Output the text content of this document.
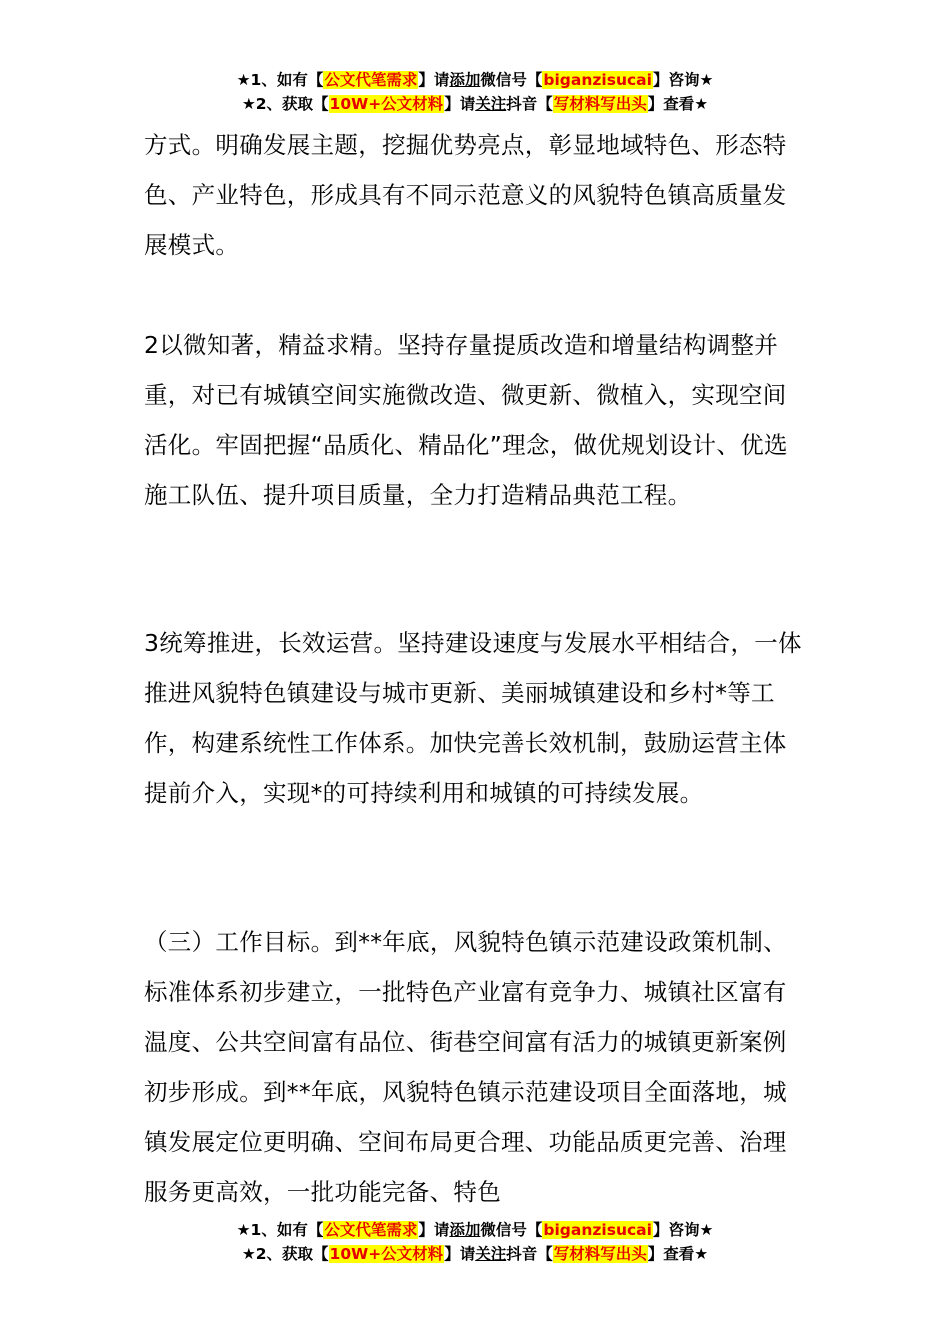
★1、如有【公文代笔需求】请添加微信号【biganzisucai】咨询★
★2、获取【10W+公文材料】请关注抖音【写材料写出头】查看★

方式。明确发展主题，挖掘优势亮点，彰显地域特色、形态特色、产业特色，形成具有不同示范意义的风貌特色镇高质量发展模式。

2以微知著，精益求精。坚持存量提质改造和增量结构调整并重，对已有城镇空间实施微改造、微更新、微植入，实现空间活化。牢固把握“品质化、精品化”理念，做优规划设计、优选施工队伍、提升项目质量，全力打造精品典范工程。

3统筹推进，长效运营。坚持建设速度与发展水平相结合，一体推进风貌特色镇建设与城市更新、美丽城镇建设和乡村*等工作，构建系统性工作体系。加快完善长效机制，鼓励运营主体提前介入，实现*的可持续利用和城镇的可持续发展。

（三）工作目标。到**年底，风貌特色镇示范建设政策机制、标准体系初步建立，一批特色产业富有竞争力、城镇社区富有温度、公共空间富有品位、街巷空间富有活力的城镇更新案例初步形成。到**年底，风貌特色镇示范建设项目全面落地，城镇发展定位更明确、空间布局更合理、功能品质更完善、治理服务更高效，一批功能完备、特色

★1、如有【公文代笔需求】请添加微信号【biganzisucai】咨询★
★2、获取【10W+公文材料】请关注抖音【写材料写出头】查看★
